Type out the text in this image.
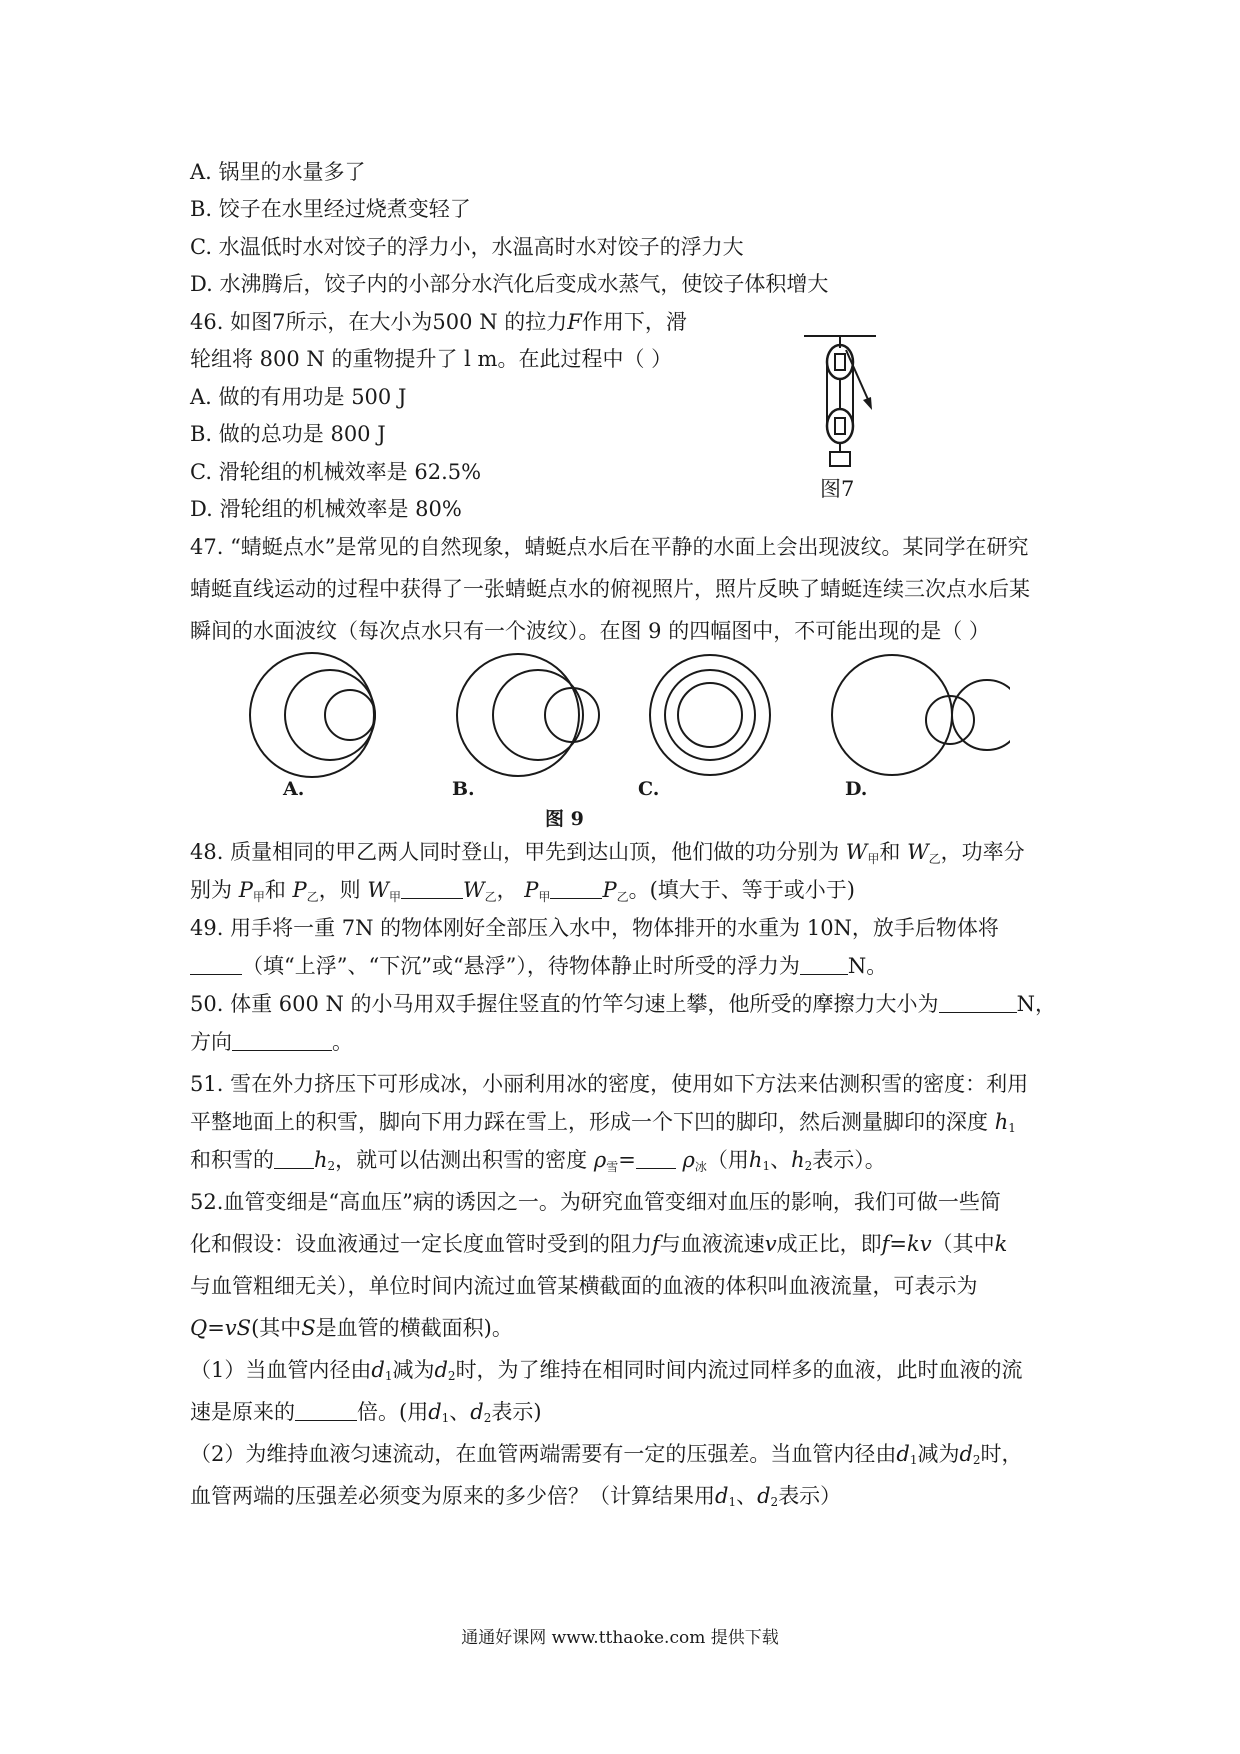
A. 锅里的水量多了
B. 饺子在水里经过烧煮变轻了
C. 水温低时水对饺子的浮力小，水温高时水对饺子的浮力大
D. 水沸腾后，饺子内的小部分水汽化后变成水蒸气，使饺子体积增大
46. 如图7所示，在大小为500 N 的拉力F作用下，滑
轮组将 800 N 的重物提升了 l m。在此过程中（ ）
A. 做的有用功是 500 J
B. 做的总功是 800 J
C. 滑轮组的机械效率是 62.5%
D. 滑轮组的机械效率是 80%
图7
47. “蜻蜓点水”是常见的自然现象，蜻蜓点水后在平静的水面上会出现波纹。某同学在研究
蜻蜓直线运动的过程中获得了一张蜻蜓点水的俯视照片，照片反映了蜻蜓连续三次点水后某
瞬间的水面波纹（每次点水只有一个波纹）。在图 9 的四幅图中，不可能出现的是（ ）
A.	B.	C.	D.
图 9
48. 质量相同的甲乙两人同时登山，甲先到达山顶，他们做的功分别为 $W_甲$和 $W_乙$，功率分
别为 $P_甲$和 $P_乙$，则 $W_甲$	$W_乙$， $P_甲$ $P_乙$。(填大于、等于或小于)
49. 用手将一重 7N 的物体刚好全部压入水中，物体排开的水重为 10N，放手后物体将
（填“上浮”、“下沉”或“悬浮”），待物体静止时所受的浮力为 N。
50. 体重 600 N 的小马用双手握住竖直的竹竿匀速上攀，他所受的摩擦力大小为	N，
方向	。
51. 雪在外力挤压下可形成冰，小丽利用冰的密度，使用如下方法来估测积雪的密度：利用
平整地面上的积雪，脚向下用力踩在雪上，形成一个下凹的脚印，然后测量脚印的深度 h1
和积雪的 h2，就可以估测出积雪的密度 $\rho_雪= \rho_冰$（用h1、h2表示）。
52.血管变细是“高血压”病的诱因之一。为研究血管变细对血压的影响，我们可做一些简
化和假设：设血液通过一定长度血管时受到的阻力f与血液流速v成正比，即f=kv（其中k
与血管粗细无关），单位时间内流过血管某横截面的血液的体积叫血液流量，可表示为
Q=vS(其中S是血管的横截面积)。
（1）当血管内径由d1减为d2时，为了维持在相同时间内流过同样多的血液，此时血液的流
速是原来的	倍。(用d1、d2表示)
（2）为维持血液匀速流动，在血管两端需要有一定的压强差。当血管内径由d1减为d2时，
血管两端的压强差必须变为原来的多少倍？（计算结果用d1、d2表示）
通通好课网 www.tthaoke.com 提供下载
